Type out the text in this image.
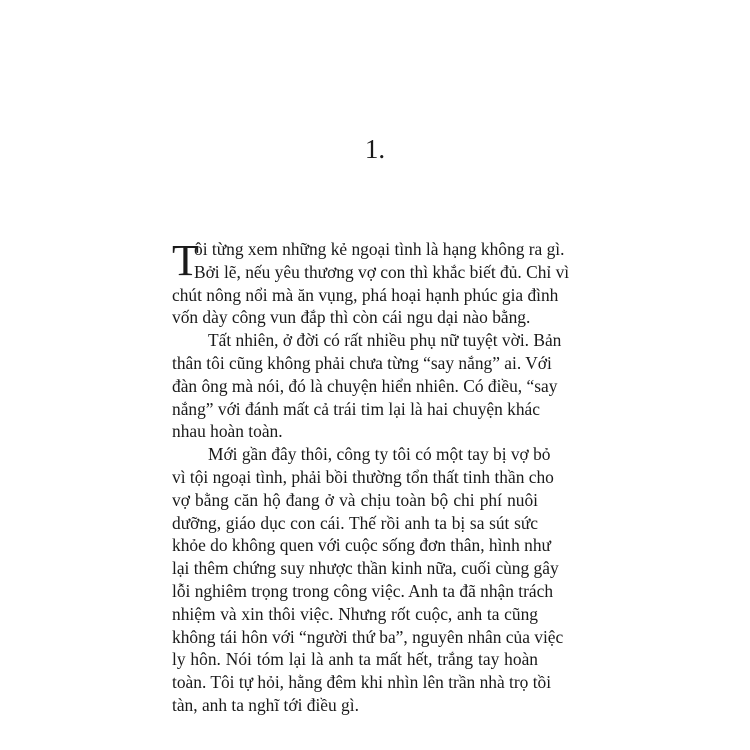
1.
T
ôi từng xem những kẻ ngoại tình là hạng không ra gì.
Bởi lẽ, nếu yêu thương vợ con thì khắc biết đủ. Chỉ vì
chút nông nổi mà ăn vụng, phá hoại hạnh phúc gia đình
vốn dày công vun đắp thì còn cái ngu dại nào bằng.
Tất nhiên, ở đời có rất nhiều phụ nữ tuyệt vời. Bản
thân tôi cũng không phải chưa từng “say nắng” ai. Với
đàn ông mà nói, đó là chuyện hiển nhiên. Có điều, “say
nắng” với đánh mất cả trái tim lại là hai chuyện khác
nhau hoàn toàn.
Mới gần đây thôi, công ty tôi có một tay bị vợ bỏ
vì tội ngoại tình, phải bồi thường tổn thất tinh thần cho
vợ bằng căn hộ đang ở và chịu toàn bộ chi phí nuôi
dưỡng, giáo dục con cái. Thế rồi anh ta bị sa sút sức
khỏe do không quen với cuộc sống đơn thân, hình như
lại thêm chứng suy nhược thần kinh nữa, cuối cùng gây
lỗi nghiêm trọng trong công việc. Anh ta đã nhận trách
nhiệm và xin thôi việc. Nhưng rốt cuộc, anh ta cũng
không tái hôn với “người thứ ba”, nguyên nhân của việc
ly hôn. Nói tóm lại là anh ta mất hết, trắng tay hoàn
toàn. Tôi tự hỏi, hằng đêm khi nhìn lên trần nhà trọ tồi
tàn, anh ta nghĩ tới điều gì.
